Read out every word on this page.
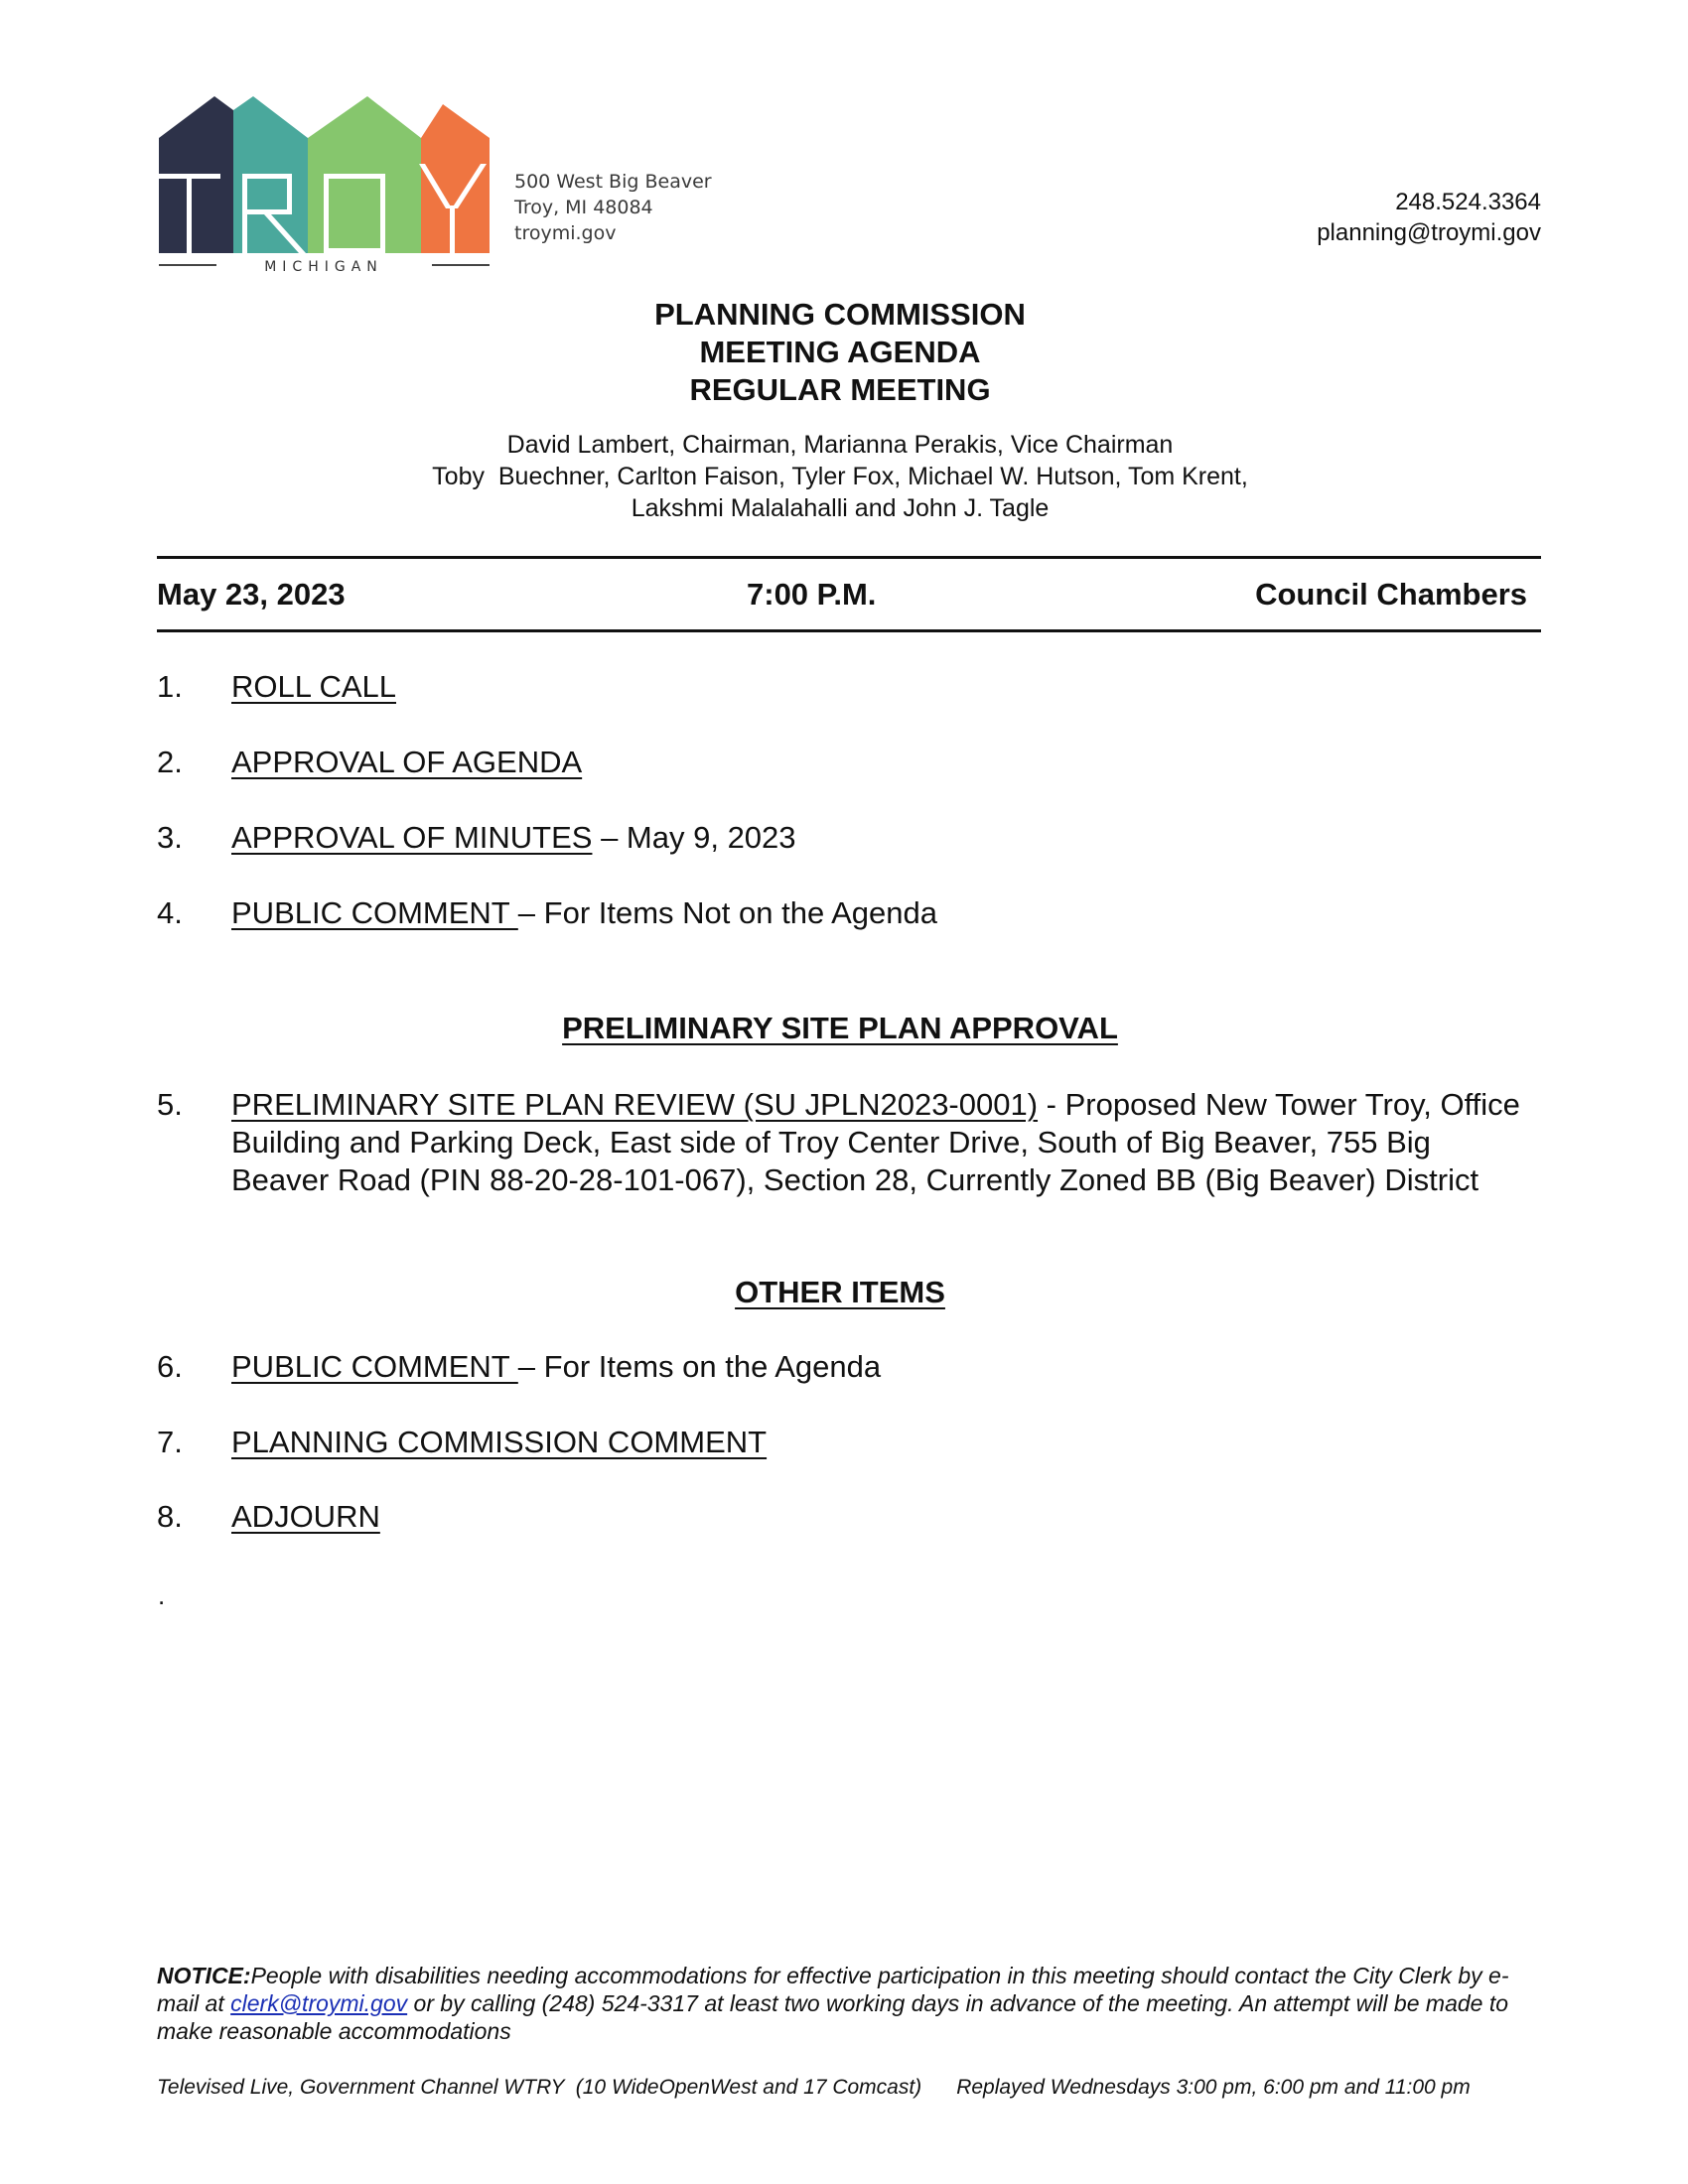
MICHIGAN
500 West Big Beaver
Troy, MI 48084
troymi.gov
248.524.3364
planning@troymi.gov
PLANNING COMMISSION
MEETING AGENDA
REGULAR MEETING
David Lambert, Chairman, Marianna Perakis, Vice Chairman
Toby  Buechner, Carlton Faison, Tyler Fox, Michael W. Hutson, Tom Krent,
Lakshmi Malalahalli and John J. Tagle
May 23, 2023	7:00 P.M.	Council Chambers
1. ROLL CALL
2. APPROVAL OF AGENDA
3. APPROVAL OF MINUTES – May 9, 2023
4. PUBLIC COMMENT – For Items Not on the Agenda
PRELIMINARY SITE PLAN APPROVAL
5. PRELIMINARY SITE PLAN REVIEW (SU JPLN2023-0001) - Proposed New Tower Troy, Office Building and Parking Deck, East side of Troy Center Drive, South of Big Beaver, 755 Big Beaver Road (PIN 88-20-28-101-067), Section 28, Currently Zoned BB (Big Beaver) District
OTHER ITEMS
6. PUBLIC COMMENT – For Items on the Agenda
7. PLANNING COMMISSION COMMENT
8. ADJOURN
.
NOTICE:People with disabilities needing accommodations for effective participation in this meeting should contact the City Clerk by e-mail at clerk@troymi.gov or by calling (248) 524-3317 at least two working days in advance of the meeting. An attempt will be made to make reasonable accommodations
Televised Live, Government Channel WTRY  (10 WideOpenWest and 17 Comcast) Replayed Wednesdays 3:00 pm, 6:00 pm and 11:00 pm
